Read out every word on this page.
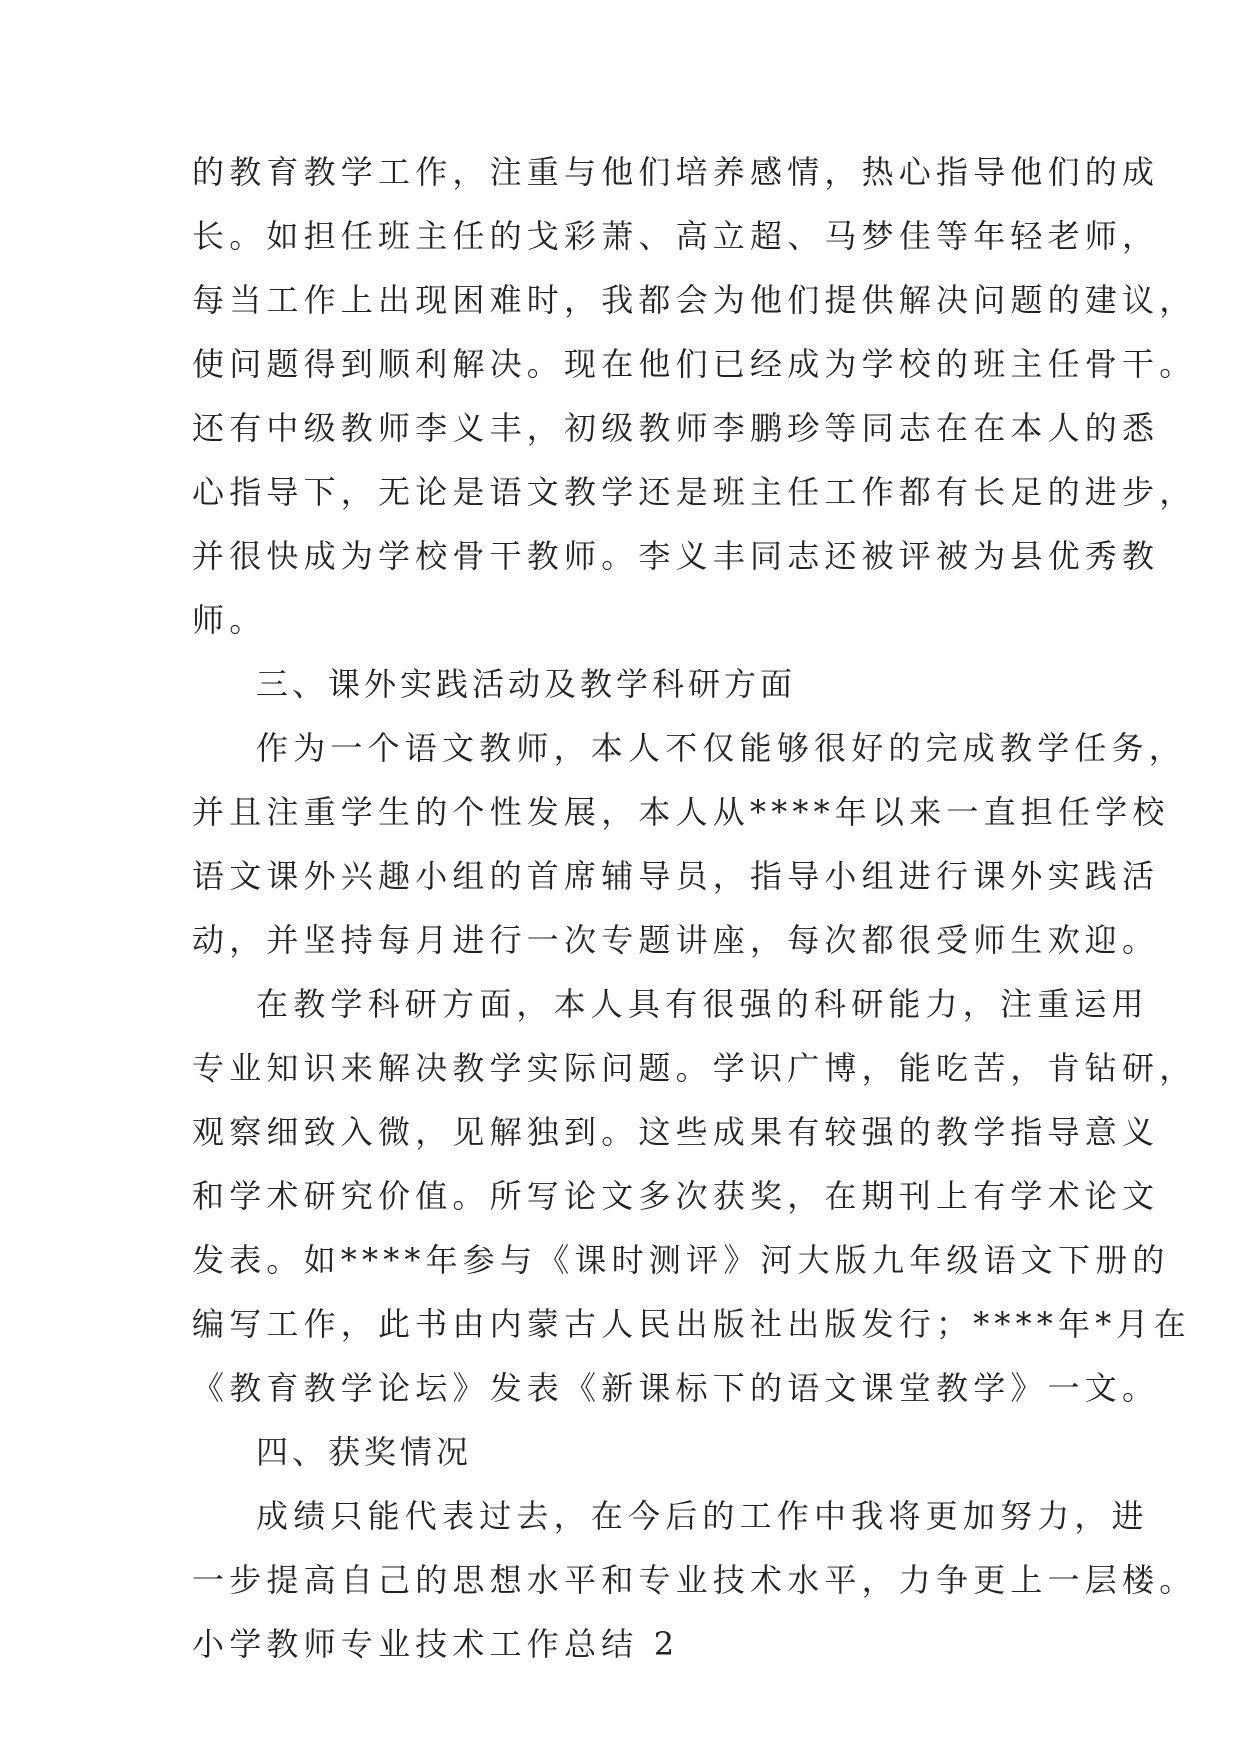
的教育教学工作，注重与他们培养感情，热心指导他们的成
长。如担任班主任的戈彩萧、高立超、马梦佳等年轻老师，
每当工作上出现困难时，我都会为他们提供解决问题的建议，
使问题得到顺利解决。现在他们已经成为学校的班主任骨干。
还有中级教师李义丰，初级教师李鹏珍等同志在在本人的悉
心指导下，无论是语文教学还是班主任工作都有长足的进步，
并很快成为学校骨干教师。李义丰同志还被评被为县优秀教
师。
三、课外实践活动及教学科研方面
作为一个语文教师，本人不仅能够很好的完成教学任务，
并且注重学生的个性发展，本人从****年以来一直担任学校
语文课外兴趣小组的首席辅导员，指导小组进行课外实践活
动，并坚持每月进行一次专题讲座，每次都很受师生欢迎。
在教学科研方面，本人具有很强的科研能力，注重运用
专业知识来解决教学实际问题。学识广博，能吃苦，肯钻研，
观察细致入微，见解独到。这些成果有较强的教学指导意义
和学术研究价值。所写论文多次获奖，在期刊上有学术论文
发表。如****年参与《课时测评》河大版九年级语文下册的
编写工作，此书由内蒙古人民出版社出版发行；****年*月在
《教育教学论坛》发表《新课标下的语文课堂教学》一文。
四、获奖情况
成绩只能代表过去，在今后的工作中我将更加努力，进
一步提高自己的思想水平和专业技术水平，力争更上一层楼。
小学教师专业技术工作总结 2
